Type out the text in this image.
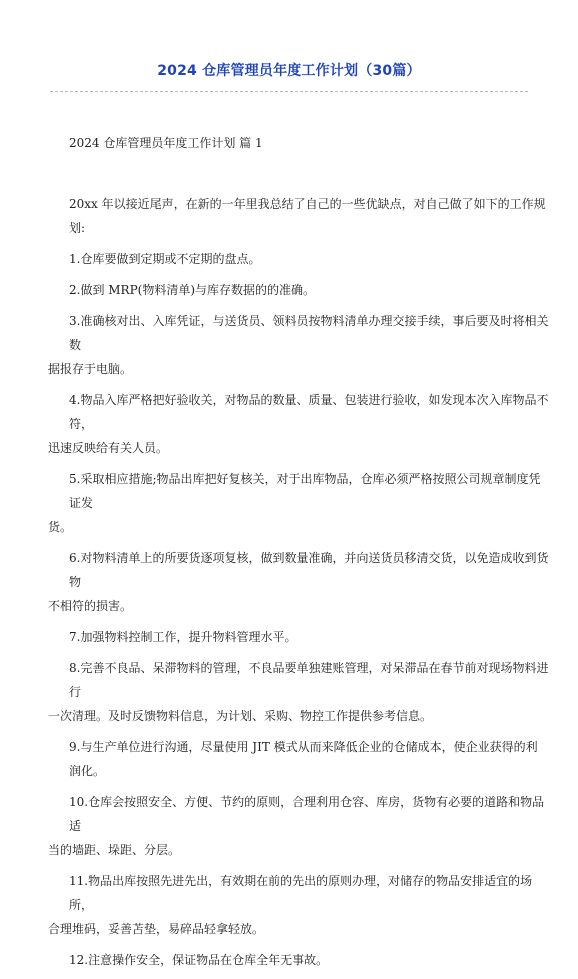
2024 仓库管理员年度工作计划（30篇）
2024 仓库管理员年度工作计划 篇 1

20xx 年以接近尾声，在新的一年里我总结了自己的一些优缺点，对自己做了如下的工作规划:

1.仓库要做到定期或不定期的盘点。

2.做到 MRP(物料清单)与库存数据的的准确。

3.准确核对出、入库凭证，与送货员、领料员按物料清单办理交接手续，事后要及时将相关数
据报存于电脑。

4.物品入库严格把好验收关，对物品的数量、质量、包装进行验收，如发现本次入库物品不符，
迅速反映给有关人员。

5.采取相应措施;物品出库把好复核关，对于出库物品，仓库必须严格按照公司规章制度凭证发
货。

6.对物料清单上的所要货逐项复核，做到数量准确，并向送货员移清交货，以免造成收到货物
不相符的损害。

7.加强物料控制工作，提升物料管理水平。

8.完善不良品、呆滞物料的管理，不良品要单独建账管理，对呆滞品在春节前对现场物料进行
一次清理。及时反馈物料信息，为计划、采购、物控工作提供参考信息。

9.与生产单位进行沟通，尽量使用 JIT 模式从而来降低企业的仓储成本，使企业获得的利润化。

10.仓库会按照安全、方便、节约的原则，合理利用仓容、库房，货物有必要的道路和物品适
当的墙距、垛距、分层。

11.物品出库按照先进先出，有效期在前的先出的原则办理，对储存的物品安排适宜的场所，
合理堆码，妥善苫垫，易碎品轻拿轻放。

12.注意操作安全，保证物品在仓库全年无事故。
